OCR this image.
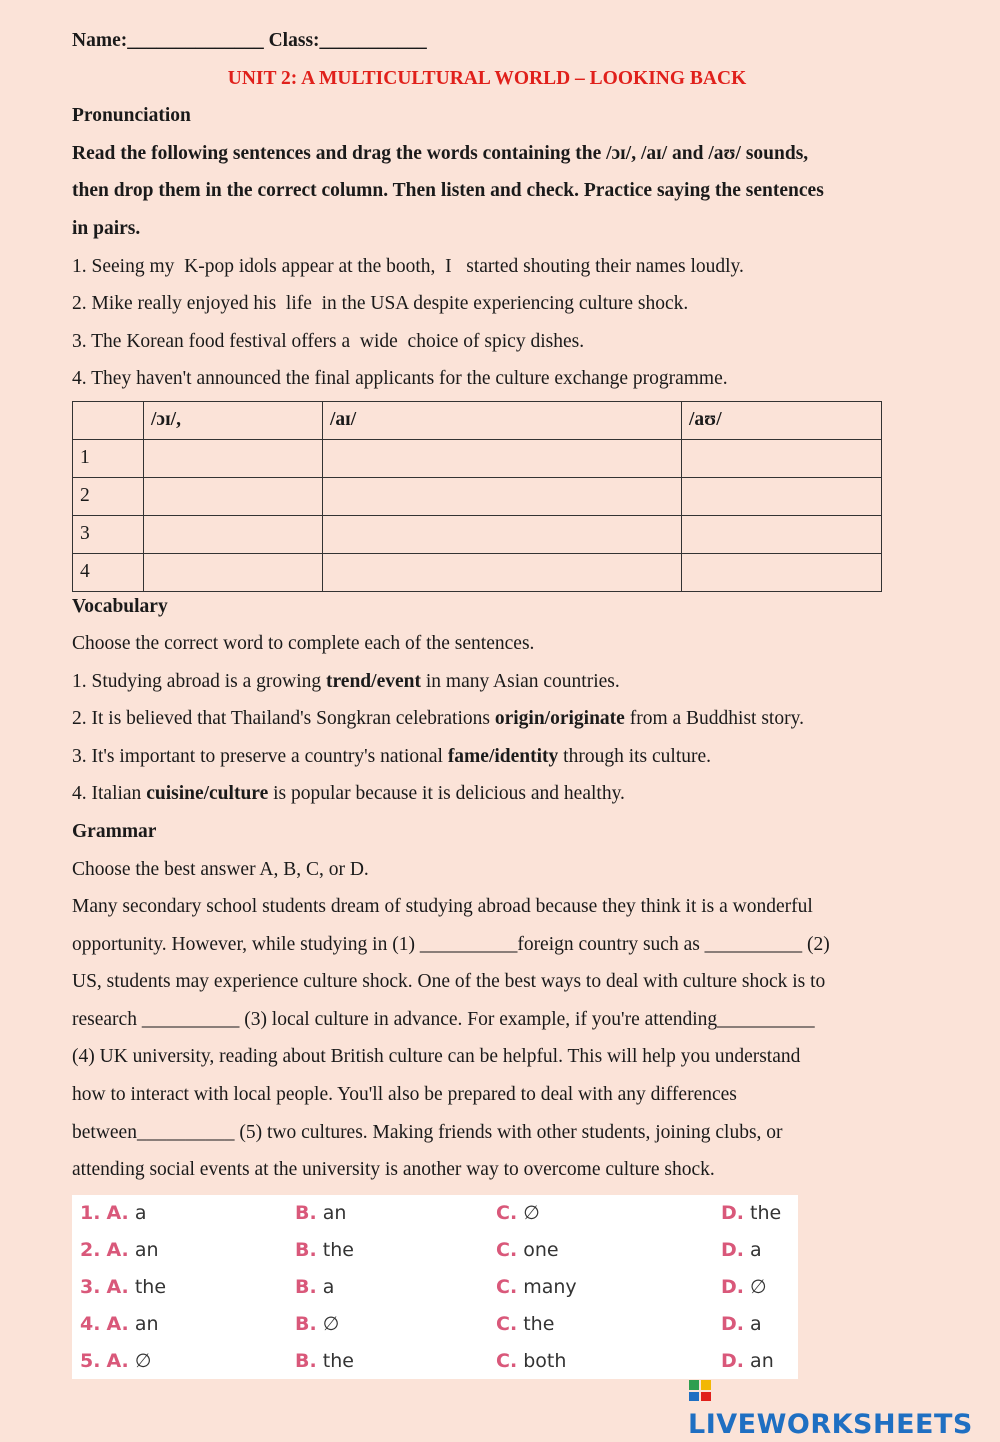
Name:______________ Class:___________
UNIT 2: A MULTICULTURAL WORLD – LOOKING BACK
Pronunciation
Read the following sentences and drag the words containing the /ɔɪ/, /aɪ/ and /aʊ/ sounds,
then drop them in the correct column. Then listen and check. Practice saying the sentences
in pairs.
1. Seeing my  K-pop idols appear at the booth,  I   started shouting their names loudly.
2. Mike really enjoyed his  life  in the USA despite experiencing culture shock.
3. The Korean food festival offers a  wide  choice of spicy dishes.
4. They haven't announced the final applicants for the culture exchange programme.
	/ɔɪ/,	/aɪ/	/aʊ/
1			
2			
3			
4			
Vocabulary
Choose the correct word to complete each of the sentences.
1. Studying abroad is a growing trend/event in many Asian countries.
2. It is believed that Thailand's Songkran celebrations origin/originate from a Buddhist story.
3. It's important to preserve a country's national fame/identity through its culture.
4. Italian cuisine/culture is popular because it is delicious and healthy.
Grammar
Choose the best answer A, B, C, or D.
Many secondary school students dream of studying abroad because they think it is a wonderful
opportunity. However, while studying in (1) __________foreign country such as __________ (2)
US, students may experience culture shock. One of the best ways to deal with culture shock is to
research __________ (3) local culture in advance. For example, if you're attending__________
(4) UK university, reading about British culture can be helpful. This will help you understand
how to interact with local people. You'll also be prepared to deal with any differences
between__________ (5) two cultures. Making friends with other students, joining clubs, or
attending social events at the university is another way to overcome culture shock.
1. A. a	B. an	C. ∅	D. the
2. A. an	B. the	C. one	D. a
3. A. the	B. a	C. many	D. ∅
4. A. an	B. ∅	C. the	D. a
5. A. ∅	B. the	C. both	D. an
LIVEWORKSHEETS
